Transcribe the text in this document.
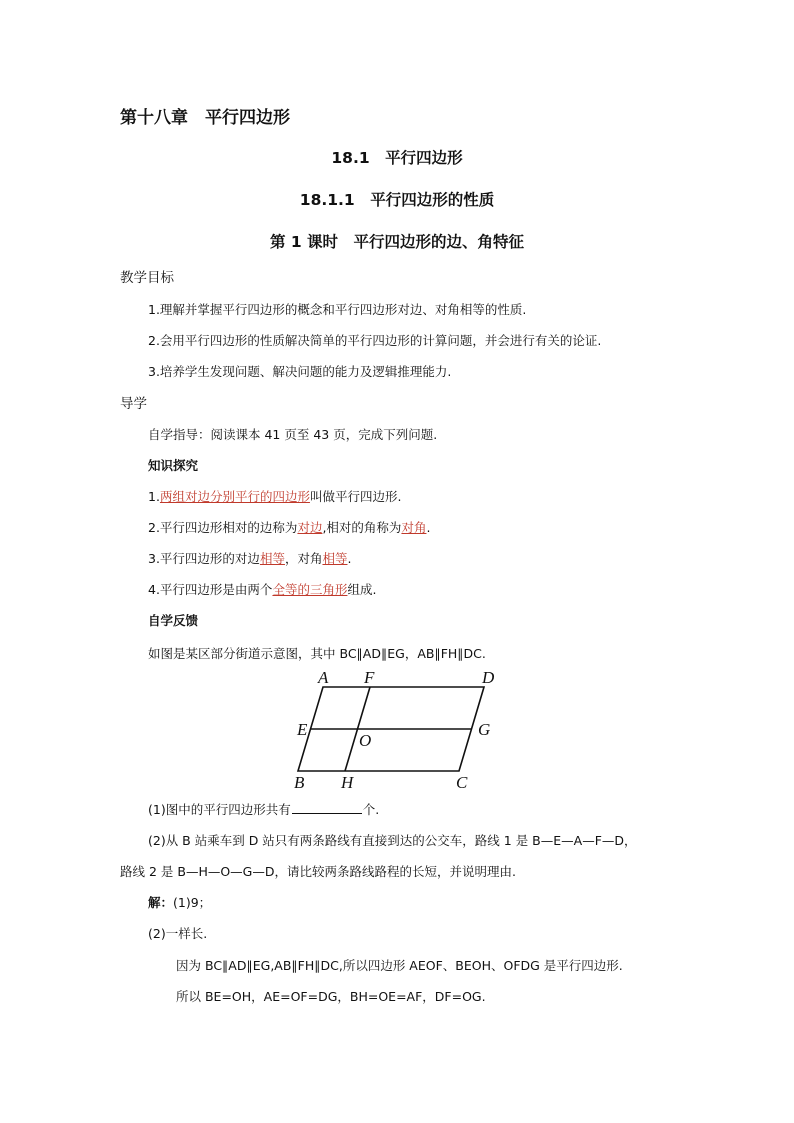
第十八章　平行四边形
18.1　平行四边形
18.1.1　平行四边形的性质
第 1 课时　平行四边形的边、角特征
教学目标
1.理解并掌握平行四边形的概念和平行四边形对边、对角相等的性质.
2.会用平行四边形的性质解决简单的平行四边形的计算问题，并会进行有关的论证.
3.培养学生发现问题、解决问题的能力及逻辑推理能力.
导学
自学指导：阅读课本 41 页至 43 页，完成下列问题.
知识探究
1.两组对边分别平行的四边形叫做平行四边形.
2.平行四边形相对的边称为对边,相对的角称为对角.
3.平行四边形的对边相等，对角相等.
4.平行四边形是由两个全等的三角形组成.
自学反馈
如图是某区部分街道示意图，其中 BC∥AD∥EG，AB∥FH∥DC.
A F	D
E
O
G
B H	C
(1)图中的平行四边形共有	个.
(2)从 B 站乘车到 D 站只有两条路线有直接到达的公交车，路线 1 是 B—E—A—F—D，
路线 2 是 B—H—O—G—D，请比较两条路线路程的长短，并说明理由.
解：(1)9；
(2)一样长.
因为 BC∥AD∥EG,AB∥FH∥DC,所以四边形 AEOF、BEOH、OFDG 是平行四边形.
所以 BE=OH，AE=OF=DG，BH=OE=AF，DF=OG.
